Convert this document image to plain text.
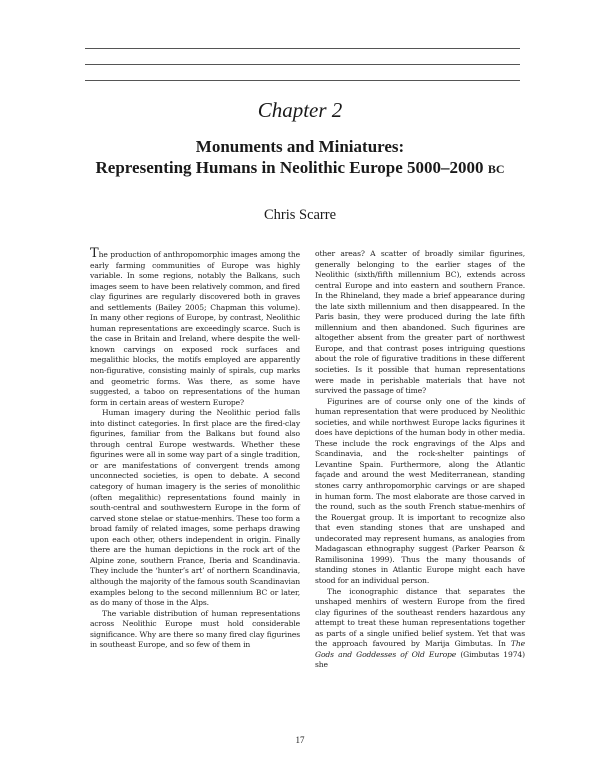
Chapter 2
Monuments and Miniatures:
Representing Humans in Neolithic Europe 5000–2000 BC
Chris Scarre

The production of anthropomorphic images among the early farming communities of Europe was highly variable. In some regions, notably the Balkans, such images seem to have been relatively common, and fired clay figurines are regularly discovered both in graves and settlements (Bailey 2005; Chapman this volume). In many other regions of Europe, by contrast, Neolithic human representations are exceedingly scarce. Such is the case in Britain and Ireland, where despite the well-known carvings on exposed rock surfaces and megalithic blocks, the motifs employed are apparently non-figurative, consisting mainly of spirals, cup marks and geometric forms. Was there, as some have suggested, a taboo on representations of the human form in certain areas of western Europe?

Human imagery during the Neolithic period falls into distinct categories. In first place are the fired-clay figurines, familiar from the Balkans but found also through central Europe westwards. Whether these figurines were all in some way part of a single tradition, or are manifestations of convergent trends among unconnected societies, is open to debate. A second category of human imagery is the series of monolithic (often megalithic) representations found mainly in south-central and southwestern Europe in the form of carved stone stelae or statue-menhirs. These too form a broad family of related images, some perhaps drawing upon each other, others independent in origin. Finally there are the human depictions in the rock art of the Alpine zone, southern France, Iberia and Scandinavia. They include the ‘hunter’s art’ of northern Scandinavia, although the majority of the famous south Scandinavian examples belong to the second millennium BC or later, as do many of those in the Alps.

The variable distribution of human representations across Neolithic Europe must hold considerable significance. Why are there so many fired clay figurines in southeast Europe, and so few of them in

other areas? A scatter of broadly similar figurines, generally belonging to the earlier stages of the Neolithic (sixth/fifth millennium BC), extends across central Europe and into eastern and southern France. In the Rhineland, they made a brief appearance during the late sixth millennium and then disappeared. In the Paris basin, they were produced during the late fifth millennium and then abandoned. Such figurines are altogether absent from the greater part of northwest Europe, and that contrast poses intriguing questions about the role of figurative traditions in these different societies. Is it possible that human representations were made in perishable materials that have not survived the passage of time?

Figurines are of course only one of the kinds of human representation that were produced by Neolithic societies, and while northwest Europe lacks figurines it does have depictions of the human body in other media. These include the rock engravings of the Alps and Scandinavia, and the rock-shelter paintings of Levantine Spain. Furthermore, along the Atlantic façade and around the west Mediterranean, standing stones carry anthropomorphic carvings or are shaped in human form. The most elaborate are those carved in the round, such as the south French statue-menhirs of the Rouergat group. It is important to recognize also that even standing stones that are unshaped and undecorated may represent humans, as analogies from Madagascan ethnography suggest (Parker Pearson & Ramilisonina 1999). Thus the many thousands of standing stones in Atlantic Europe might each have stood for an individual person.

The iconographic distance that separates the unshaped menhirs of western Europe from the fired clay figurines of the southeast renders hazardous any attempt to treat these human representations together as parts of a single unified belief system. Yet that was the approach favoured by Marija Gimbutas. In The Gods and Goddesses of Old Europe (Gimbutas 1974) she

17
